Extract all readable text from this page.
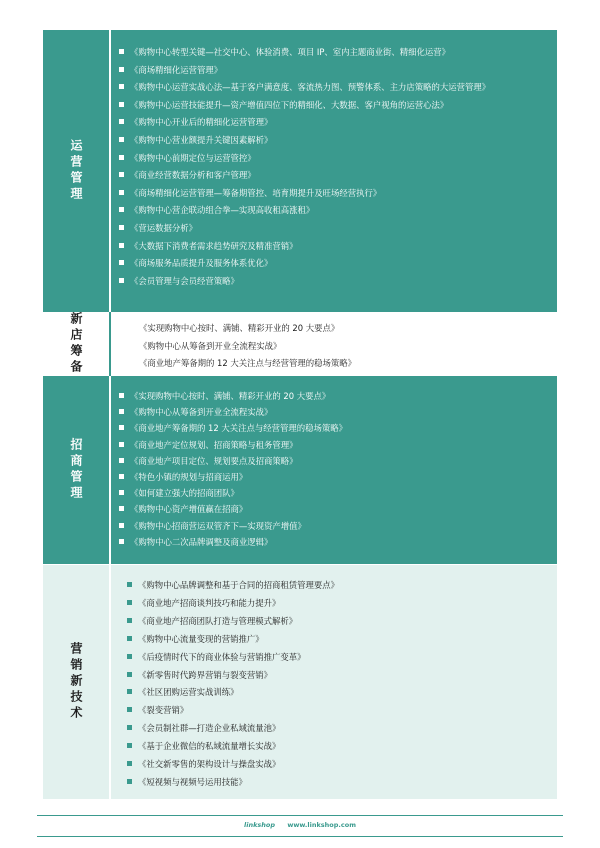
运营管理
《购物中心转型关键—社交中心、体验消费、项目 IP、室内主题商业街、精细化运营》
《商场精细化运营管理》
《购物中心运营实战心法—基于客户满意度、客流热力图、预警体系、主力店策略的大运营管理》
《购物中心运营技能提升—资产增值四位下的精细化、大数据、客户视角的运营心法》
《购物中心开业后的精细化运营管理》
《购物中心营业额提升关键因素解析》
《购物中心前期定位与运营管控》
《商业经营数据分析和客户管理》
《商场精细化运营管理—筹备期管控、培育期提升及旺场经营执行》
《购物中心营企联动组合拳—实现高收租高涨租》
《营运数据分析》
《大数据下消费者需求趋势研究及精准营销》
《商场服务品质提升及服务体系优化》
《会员管理与会员经营策略》
新店筹备	《实现购物中心按时、满铺、精彩开业的 20 大要点》
《购物中心从筹备到开业全流程实战》
《商业地产筹备期的 12 大关注点与经营管理的稳场策略》
招商管理
《实现购物中心按时、满铺、精彩开业的 20 大要点》
《购物中心从筹备到开业全流程实战》
《商业地产筹备期的 12 大关注点与经营管理的稳场策略》
《商业地产定位规划、招商策略与租务管理》
《商业地产项目定位、规划要点及招商策略》
《特色小镇的规划与招商运用》
《如何建立强大的招商团队》
《购物中心资产增值赢在招商》
《购物中心招商营运双管齐下—实现资产增值》
《购物中心二次品牌调整及商业逻辑》
营销新技术
《购物中心品牌调整和基于合同的招商租赁管理要点》
《商业地产招商谈判技巧和能力提升》
《商业地产招商团队打造与管理模式解析》
《购物中心流量变现的营销推广》
《后疫情时代下的商业体验与营销推广变革》
《新零售时代跨界营销与裂变营销》
《社区团购运营实战训练》
《裂变营销》
《会员制社群—打造企业私域流量池》
《基于企业微信的私域流量增长实战》
《社交新零售的架构设计与操盘实战》
《短视频与视频号运用技能》
linkshop www.linkshop.com
